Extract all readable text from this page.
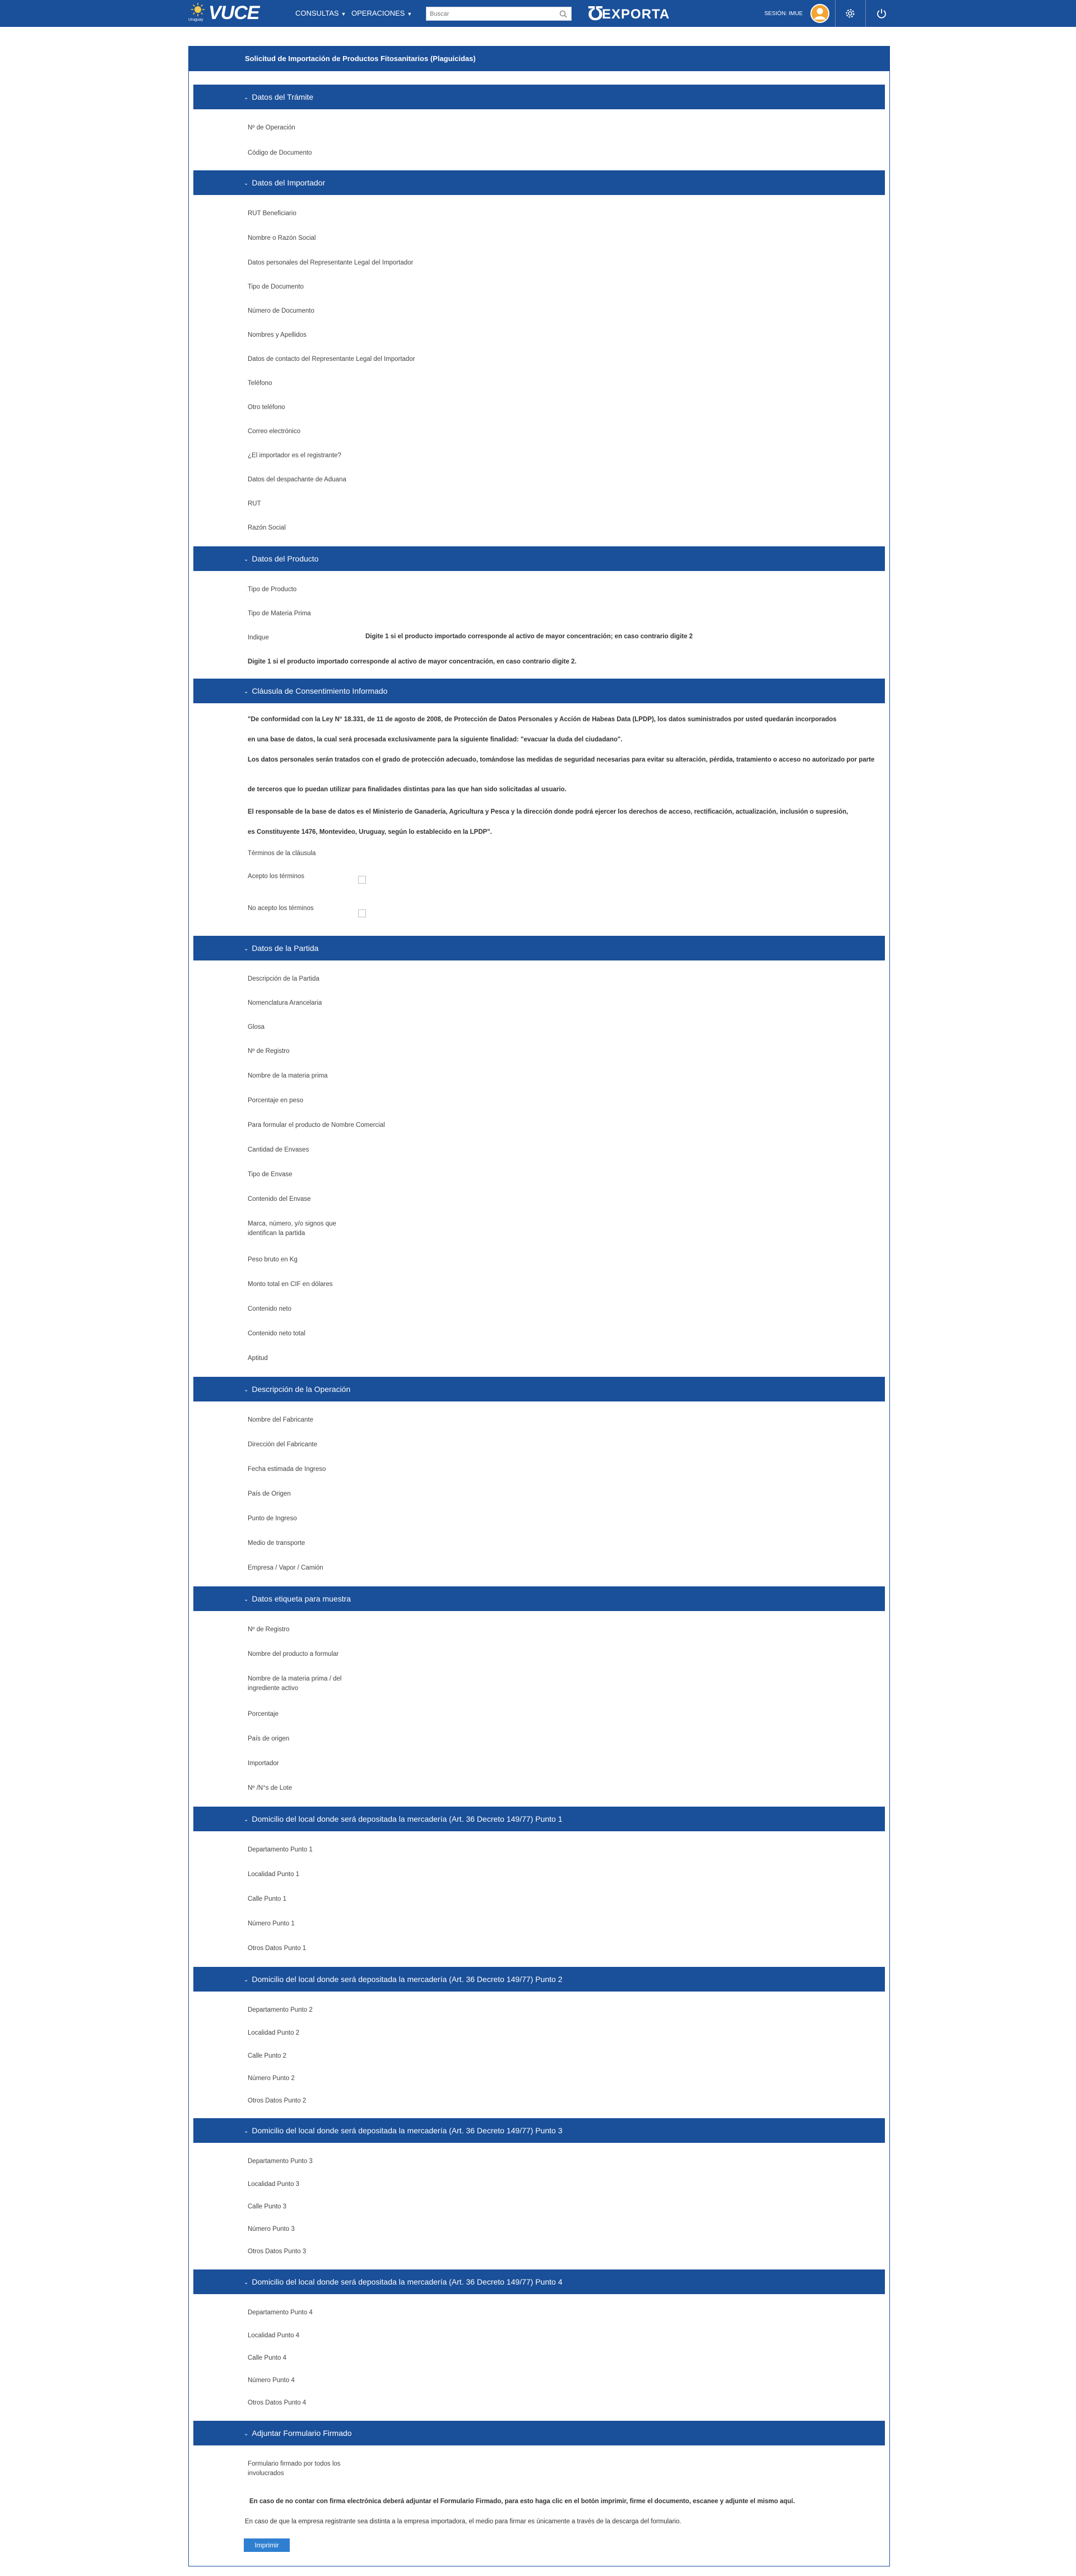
Uruguay VUCE	CONSULTAS ▼ OPERACIONES ▼
Buscar	Ʊ
EXPORTA	SESIÓN: IMUE
Solicitud de Importación de Productos Fitosanitarios (Plaguicidas)
⌄ Datos del Trámite
Nº de Operación
Código de Documento
⌄ Datos del Importador
RUT Beneficiario
Nombre o Razón Social
Datos personales del Representante Legal del Importador
Tipo de Documento
Número de Documento
Nombres y Apellidos
Datos de contacto del Representante Legal del Importador
Teléfono
Otro teléfono
Correo electrónico
¿El importador es el registrante?
Datos del despachante de Aduana
RUT
Razón Social
⌄ Datos del Producto
Tipo de Producto
Tipo de Materia Prima
Indique	Digite 1 si el producto importado corresponde al activo de mayor concentración; en caso contrario digite 2
Digite 1 si el producto importado corresponde al activo de mayor concentración, en caso contrario digite 2.
⌄ Cláusula de Consentimiento Informado
"De conformidad con la Ley N° 18.331, de 11 de agosto de 2008, de Protección de Datos Personales y Acción de Habeas Data (LPDP), los datos suministrados por usted quedarán incorporados
en una base de datos, la cual será procesada exclusivamente para la siguiente finalidad: "evacuar la duda del ciudadano".
Los datos personales serán tratados con el grado de protección adecuado, tomándose las medidas de seguridad necesarias para evitar su alteración, pérdida, tratamiento o acceso no autorizado por parte
de terceros que lo puedan utilizar para finalidades distintas para las que han sido solicitadas al usuario.
El responsable de la base de datos es el Ministerio de Ganadería, Agricultura y Pesca y la dirección donde podrá ejercer los derechos de acceso, rectificación, actualización, inclusión o supresión,
es Constituyente 1476, Montevideo, Uruguay, según lo establecido en la LPDP".
Términos de la cláusula
Acepto los términos
No acepto los términos
⌄ Datos de la Partida
Descripción de la Partida
Nomenclatura Arancelaria
Glosa
Nº de Registro
Nombre de la materia prima
Porcentaje en peso
Para formular el producto de Nombre Comercial
Cantidad de Envases
Tipo de Envase
Contenido del Envase
Marca, número, y/o signos que identifican la partida
Peso bruto en Kg
Monto total en CIF en dólares
Contenido neto
Contenido neto total
Aptitud
⌄ Descripción de la Operación
Nombre del Fabricante
Dirección del Fabricante
Fecha estimada de Ingreso
País de Origen
Punto de Ingreso
Medio de transporte
Empresa / Vapor / Camión
⌄ Datos etiqueta para muestra
Nº de Registro
Nombre del producto a formular
Nombre de la materia prima / del ingrediente activo
Porcentaje
País de origen
Importador
Nº /N°s de Lote
⌄ Domicilio del local donde será depositada la mercadería (Art. 36 Decreto 149/77) Punto 1
Departamento Punto 1
Localidad Punto 1
Calle Punto 1
Número Punto 1
Otros Datos Punto 1
⌄ Domicilio del local donde será depositada la mercadería (Art. 36 Decreto 149/77) Punto 2
Departamento Punto 2
Localidad Punto 2
Calle Punto 2
Número Punto 2
Otros Datos Punto 2
⌄ Domicilio del local donde será depositada la mercadería (Art. 36 Decreto 149/77) Punto 3
Departamento Punto 3
Localidad Punto 3
Calle Punto 3
Número Punto 3
Otros Datos Punto 3
⌄ Domicilio del local donde será depositada la mercadería (Art. 36 Decreto 149/77) Punto 4
Departamento Punto 4
Localidad Punto 4
Calle Punto 4
Número Punto 4
Otros Datos Punto 4
⌄ Adjuntar Formulario Firmado
Formulario firmado por todos los involucrados
En caso de no contar con firma electrónica deberá adjuntar el Formulario Firmado, para esto haga clic en el botón imprimir, firme el documento, escanee y adjunte el mismo aquí.
En caso de que la empresa registrante sea distinta a la empresa importadora, el medio para firmar es únicamente a través de la descarga del formulario.
Imprimir
